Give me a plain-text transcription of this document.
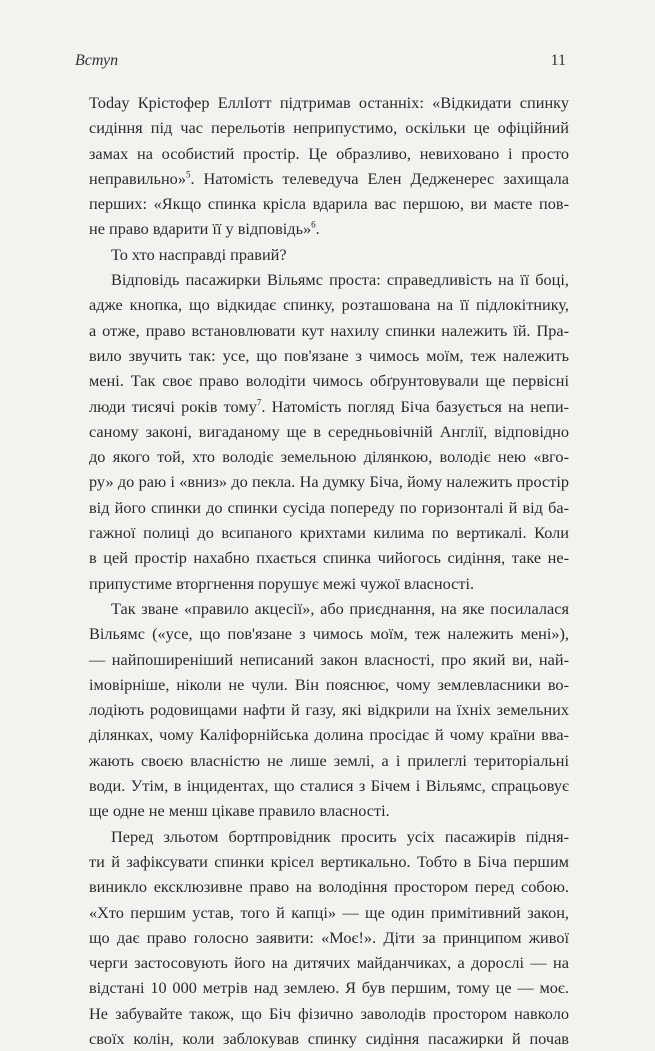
Вступ	11
Today Крістофер ЕллІотт підтримав останніх: «Відкидати спинку
сидіння під час перельотів неприпустимо, оскільки це офіційний
замах на особистий простір. Це образливо, невиховано і просто
неправильно»$^5$. Натомість телеведуча Елен Дедженерес захищала
перших: «Якщо спинка крісла вдарила вас першою, ви маєте пов-
не право вдарити її у відповідь»$^6$.
То хто насправді правий?
Відповідь пасажирки Вільямс проста: справедливість на її боці,
адже кнопка, що відкидає спинку, розташована на її підлокітнику,
а отже, право встановлювати кут нахилу спинки належить їй. Пра-
вило звучить так: усе, що пов'язане з чимось моїм, теж належить
мені. Так своє право володіти чимось обґрунтовували ще первісні
люди тисячі років тому$^7$. Натомість погляд Біча базується на непи-
саному законі, вигаданому ще в середньовічній Англії, відповідно
до якого той, хто володіє земельною ділянкою, володіє нею «вго-
ру» до раю і «вниз» до пекла. На думку Біча, йому належить простір
від його спинки до спинки сусіда попереду по горизонталі й від ба-
гажної полиці до всипаного крихтами килима по вертикалі. Коли
в цей простір нахабно пхається спинка чийогось сидіння, таке не-
припустиме вторгнення порушує межі чужої власності.
Так зване «правило акцесії», або приєднання, на яке посилалася
Вільямс («усе, що пов'язане з чимось моїм, теж належить мені»),
— найпоширеніший неписаний закон власності, про який ви, най-
імовірніше, ніколи не чули. Він пояснює, чому землевласники во-
лодіють родовищами нафти й газу, які відкрили на їхніх земельних
ділянках, чому Каліфорнійська долина просідає й чому країни вва-
жають своєю власністю не лише землі, а і прилеглі територіальні
води. Утім, в інцидентах, що сталися з Бічем і Вільямс, спрацьовує
ще одне не менш цікаве правило власності.
Перед зльотом бортпровідник просить усіх пасажирів підня-
ти й зафіксувати спинки крісел вертикально. Тобто в Біча першим
виникло ексклюзивне право на володіння простором перед собою.
«Хто першим устав, того й капці» — ще один примітивний закон,
що дає право голосно заявити: «Моє!». Діти за принципом живої
черги застосовують його на дитячих майданчиках, а дорослі — на
відстані 10 000 метрів над землею. Я був першим, тому це — моє.
Не забувайте також, що Біч фізично заволодів простором навколо
своїх колін, коли заблокував спинку сидіння пасажирки й почав
